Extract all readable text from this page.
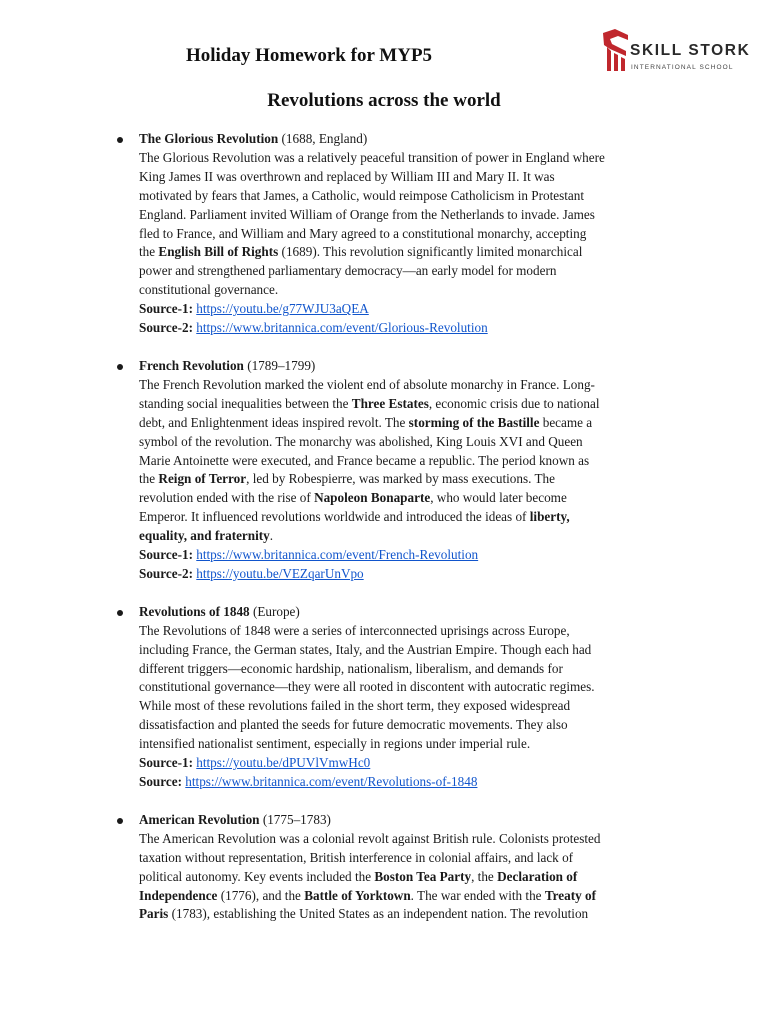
SKILL STORK
INTERNATIONAL SCHOOL
Holiday Homework for MYP5
Revolutions across the world
The Glorious Revolution (1688, England)
The Glorious Revolution was a relatively peaceful transition of power in England where
King James II was overthrown and replaced by William III and Mary II. It was
motivated by fears that James, a Catholic, would reimpose Catholicism in Protestant
England. Parliament invited William of Orange from the Netherlands to invade. James
fled to France, and William and Mary agreed to a constitutional monarchy, accepting
the English Bill of Rights (1689). This revolution significantly limited monarchical
power and strengthened parliamentary democracy—an early model for modern
constitutional governance.
Source-1: https://youtu.be/g77WJU3aQEA
Source-2: https://www.britannica.com/event/Glorious-Revolution
French Revolution (1789–1799)
The French Revolution marked the violent end of absolute monarchy in France. Long-
standing social inequalities between the Three Estates, economic crisis due to national
debt, and Enlightenment ideas inspired revolt. The storming of the Bastille became a
symbol of the revolution. The monarchy was abolished, King Louis XVI and Queen
Marie Antoinette were executed, and France became a republic. The period known as
the Reign of Terror, led by Robespierre, was marked by mass executions. The
revolution ended with the rise of Napoleon Bonaparte, who would later become
Emperor. It influenced revolutions worldwide and introduced the ideas of liberty,
equality, and fraternity.
Source-1: https://www.britannica.com/event/French-Revolution
Source-2: https://youtu.be/VEZqarUnVpo
Revolutions of 1848 (Europe)
The Revolutions of 1848 were a series of interconnected uprisings across Europe,
including France, the German states, Italy, and the Austrian Empire. Though each had
different triggers—economic hardship, nationalism, liberalism, and demands for
constitutional governance—they were all rooted in discontent with autocratic regimes.
While most of these revolutions failed in the short term, they exposed widespread
dissatisfaction and planted the seeds for future democratic movements. They also
intensified nationalist sentiment, especially in regions under imperial rule.
Source-1: https://youtu.be/dPUVlVmwHc0
Source: https://www.britannica.com/event/Revolutions-of-1848
American Revolution (1775–1783)
The American Revolution was a colonial revolt against British rule. Colonists protested
taxation without representation, British interference in colonial affairs, and lack of
political autonomy. Key events included the Boston Tea Party, the Declaration of
Independence (1776), and the Battle of Yorktown. The war ended with the Treaty of
Paris (1783), establishing the United States as an independent nation. The revolution
